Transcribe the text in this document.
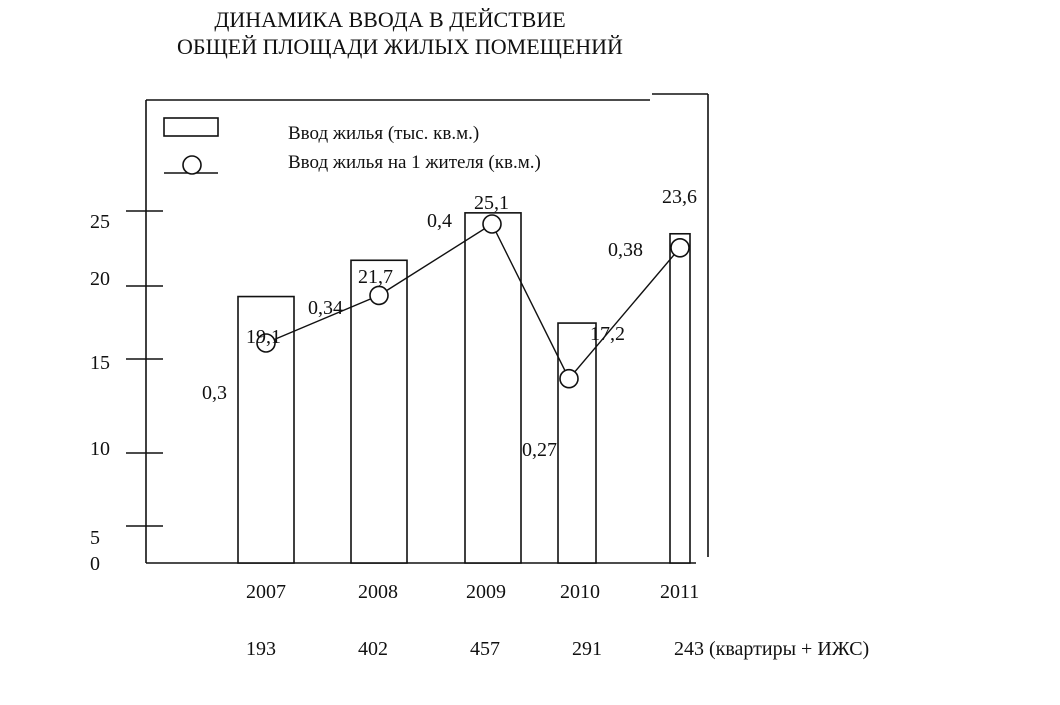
ДИНАМИКА ВВОДА В ДЕЙСТВИЕ
ОБЩЕЙ ПЛОЩАДИ ЖИЛЫХ ПОМЕЩЕНИЙ
Ввод жилья (тыс. кв.м.)
Ввод жилья на 1 жителя (кв.м.)
25
20
15
10
5
0
19,1
21,7
25,1
17,2
23,6
0,3
0,34
0,4
0,27
0,38
2007	2008	2009	2010	2011
193	402	457	291	243 (квартиры + ИЖС)
